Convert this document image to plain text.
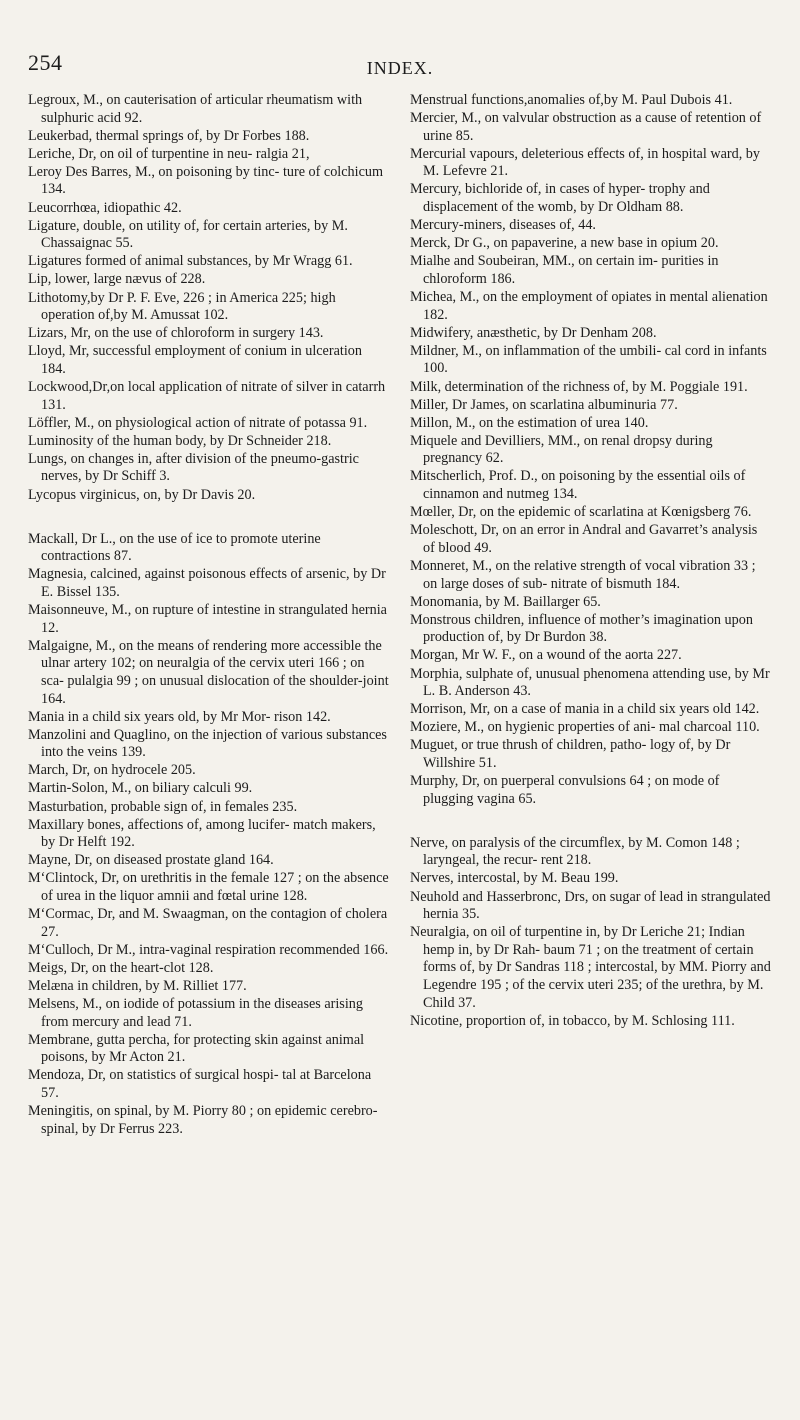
254	INDEX.

Legroux, M., on cauterisation of articular rheumatism with sulphuric acid 92.

Leukerbad, thermal springs of, by Dr Forbes 188.

Leriche, Dr, on oil of turpentine in neu- ralgia 21,

Leroy Des Barres, M., on poisoning by tinc- ture of colchicum 134.

Leucorrhœa, idiopathic 42.

Ligature, double, on utility of, for certain arteries, by M. Chassaignac 55.

Ligatures formed of animal substances, by Mr Wragg 61.

Lip, lower, large nævus of 228.

Lithotomy,by Dr P. F. Eve, 226 ; in America 225; high operation of,by M. Amussat 102.

Lizars, Mr, on the use of chloroform in surgery 143.

Lloyd, Mr, successful employment of conium in ulceration 184.

Lockwood,Dr,on local application of nitrate of silver in catarrh 131.

Löffler, M., on physiological action of nitrate of potassa 91.

Luminosity of the human body, by Dr Schneider 218.

Lungs, on changes in, after division of the pneumo-gastric nerves, by Dr Schiff 3.

Lycopus virginicus, on, by Dr Davis 20.

Mackall, Dr L., on the use of ice to promote uterine contractions 87.

Magnesia, calcined, against poisonous effects of arsenic, by Dr E. Bissel 135.

Maisonneuve, M., on rupture of intestine in strangulated hernia 12.

Malgaigne, M., on the means of rendering more accessible the ulnar artery 102; on neuralgia of the cervix uteri 166 ; on sca- pulalgia 99 ; on unusual dislocation of the shoulder-joint 164.

Mania in a child six years old, by Mr Mor- rison 142.

Manzolini and Quaglino, on the injection of various substances into the veins 139.

March, Dr, on hydrocele 205.

Martin-Solon, M., on biliary calculi 99.

Masturbation, probable sign of, in females 235.

Maxillary bones, affections of, among lucifer- match makers, by Dr Helft 192.

Mayne, Dr, on diseased prostate gland 164.

M‘Clintock, Dr, on urethritis in the female 127 ; on the absence of urea in the liquor amnii and fœtal urine 128.

M‘Cormac, Dr, and M. Swaagman, on the contagion of cholera 27.

M‘Culloch, Dr M., intra-vaginal respiration recommended 166.

Meigs, Dr, on the heart-clot 128.

Melæna in children, by M. Rilliet 177.

Melsens, M., on iodide of potassium in the diseases arising from mercury and lead 71.

Membrane, gutta percha, for protecting skin against animal poisons, by Mr Acton 21.

Mendoza, Dr, on statistics of surgical hospi- tal at Barcelona 57.

Meningitis, on spinal, by M. Piorry 80 ; on epidemic cerebro-spinal, by Dr Ferrus 223.

Menstrual functions,anomalies of,by M. Paul Dubois 41.

Mercier, M., on valvular obstruction as a cause of retention of urine 85.

Mercurial vapours, deleterious effects of, in hospital ward, by M. Lefevre 21.

Mercury, bichloride of, in cases of hyper- trophy and displacement of the womb, by Dr Oldham 88.

Mercury-miners, diseases of, 44.

Merck, Dr G., on papaverine, a new base in opium 20.

Mialhe and Soubeiran, MM., on certain im- purities in chloroform 186.

Michea, M., on the employment of opiates in mental alienation 182.

Midwifery, anæsthetic, by Dr Denham 208.

Mildner, M., on inflammation of the umbili- cal cord in infants 100.

Milk, determination of the richness of, by M. Poggiale 191.

Miller, Dr James, on scarlatina albuminuria 77.

Millon, M., on the estimation of urea 140.

Miquele and Devilliers, MM., on renal dropsy during pregnancy 62.

Mitscherlich, Prof. D., on poisoning by the essential oils of cinnamon and nutmeg 134.

Mœller, Dr, on the epidemic of scarlatina at Kœnigsberg 76.

Moleschott, Dr, on an error in Andral and Gavarret’s analysis of blood 49.

Monneret, M., on the relative strength of vocal vibration 33 ; on large doses of sub- nitrate of bismuth 184.

Monomania, by M. Baillarger 65.

Monstrous children, influence of mother’s imagination upon production of, by Dr Burdon 38.

Morgan, Mr W. F., on a wound of the aorta 227.

Morphia, sulphate of, unusual phenomena attending use, by Mr L. B. Anderson 43.

Morrison, Mr, on a case of mania in a child six years old 142.

Moziere, M., on hygienic properties of ani- mal charcoal 110.

Muguet, or true thrush of children, patho- logy of, by Dr Willshire 51.

Murphy, Dr, on puerperal convulsions 64 ; on mode of plugging vagina 65.

Nerve, on paralysis of the circumflex, by M. Comon 148 ; laryngeal, the recur- rent 218.

Nerves, intercostal, by M. Beau 199.

Neuhold and Hasserbronc, Drs, on sugar of lead in strangulated hernia 35.

Neuralgia, on oil of turpentine in, by Dr Leriche 21; Indian hemp in, by Dr Rah- baum 71 ; on the treatment of certain forms of, by Dr Sandras 118 ; intercostal, by MM. Piorry and Legendre 195 ; of the cervix uteri 235; of the urethra, by M. Child 37.

Nicotine, proportion of, in tobacco, by M. Schlosing 111.
